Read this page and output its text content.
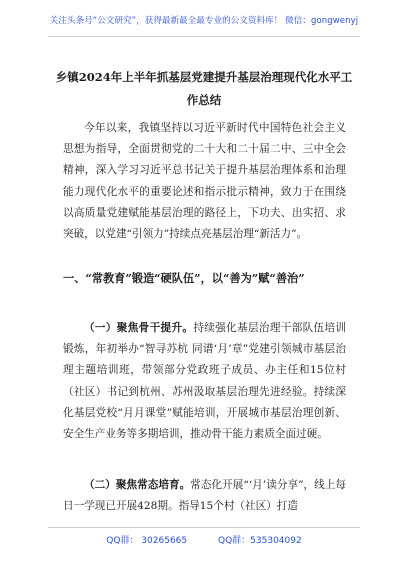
关注头条号“公文研究”，获得最新最全最专业的公文资料库！ 微信：gongwenyj
乡镇2024年上半年抓基层党建提升基层治理现代化水平工作总结

今年以来，我镇坚持以习近平新时代中国特色社会主义思想为指导，全面贯彻党的二十大和二十届二中、三中全会精神，深入学习习近平总书记关于提升基层治理体系和治理能力现代化水平的重要论述和指示批示精神，致力于在围绕以高质量党建赋能基层治理的路径上，下功夫、出实招、求突破，以党建“引领力”持续点亮基层治理“新活力”。

一、“常教育”锻造“硬队伍”，以“善为”赋“善治”

（一）聚焦骨干提升。持续强化基层治理干部队伍培训锻炼，年初举办“智寻苏杭 同谱‘月’章”党建引领城市基层治理主题培训班，带领部分党政班子成员、办主任和15位村（社区）书记到杭州、苏州汲取基层治理先进经验。持续深化基层党校“月月课堂”赋能培训，开展城市基层治理创新、安全生产业务等多期培训，推动骨干能力素质全面过硬。

（二）聚焦常态培育。常态化开展“‘月’读分享”，线上每日一学现已开展428期。指导15个村（社区）打造

QQ群： 30265665	QQ群：535304092
